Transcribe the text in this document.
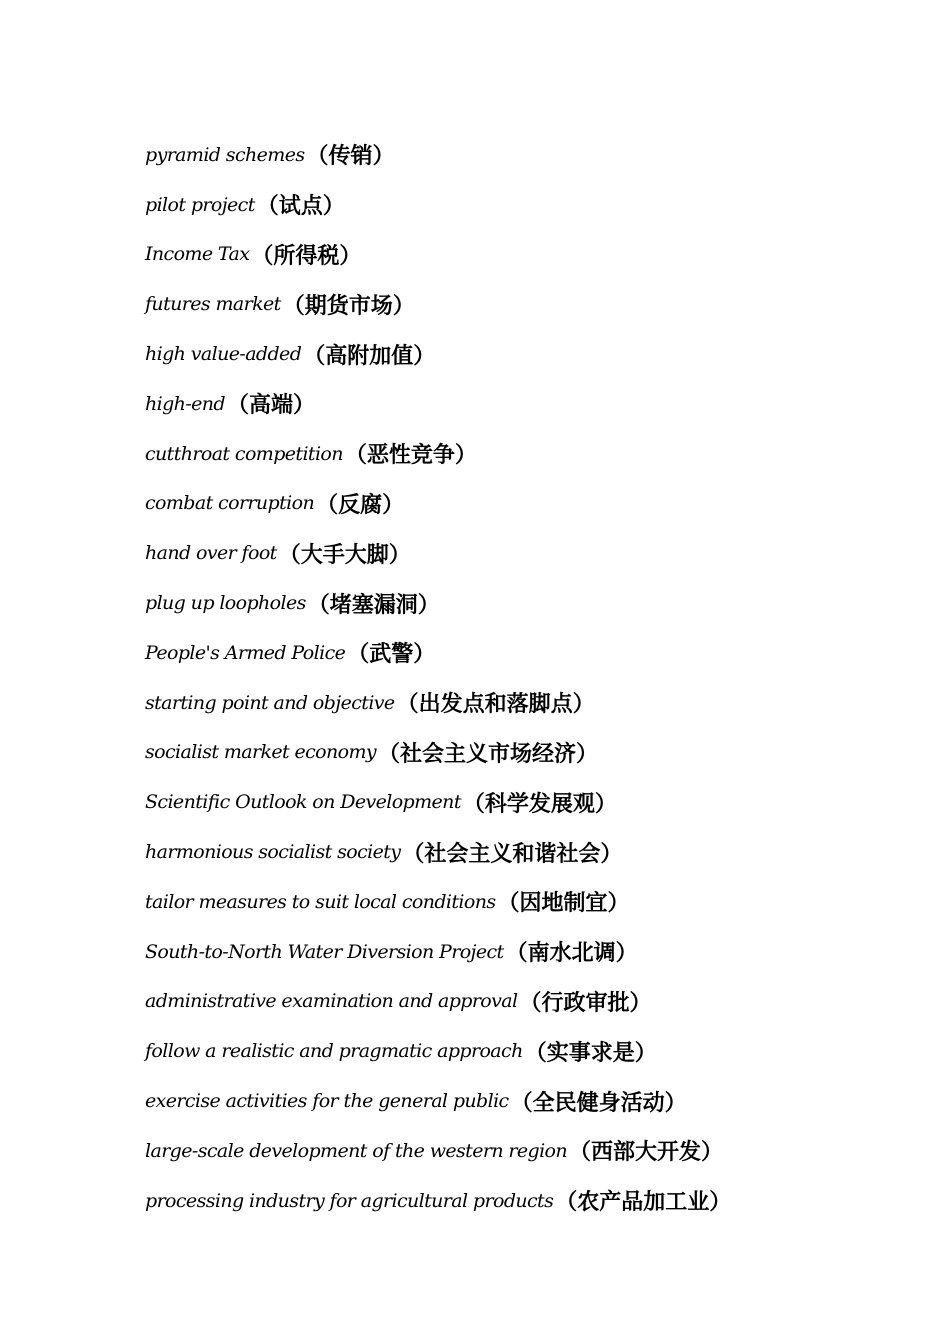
pyramid schemes （传销）
pilot project （试点）
Income Tax （所得税）
futures market （期货市场）
high value-added （高附加值）
high-end （高端）
cutthroat competition （恶性竞争）
combat corruption （反腐）
hand over foot （大手大脚）
plug up loopholes （堵塞漏洞）
People's Armed Police （武警）
starting point and objective （出发点和落脚点）
socialist market economy （社会主义市场经济）
Scientific Outlook on Development （科学发展观）
harmonious socialist society （社会主义和谐社会）
tailor measures to suit local conditions （因地制宜）
South-to-North Water Diversion Project （南水北调）
administrative examination and approval （行政审批）
follow a realistic and pragmatic approach （实事求是）
exercise activities for the general public （全民健身活动）
large-scale development of the western region （西部大开发）
processing industry for agricultural products （农产品加工业）
